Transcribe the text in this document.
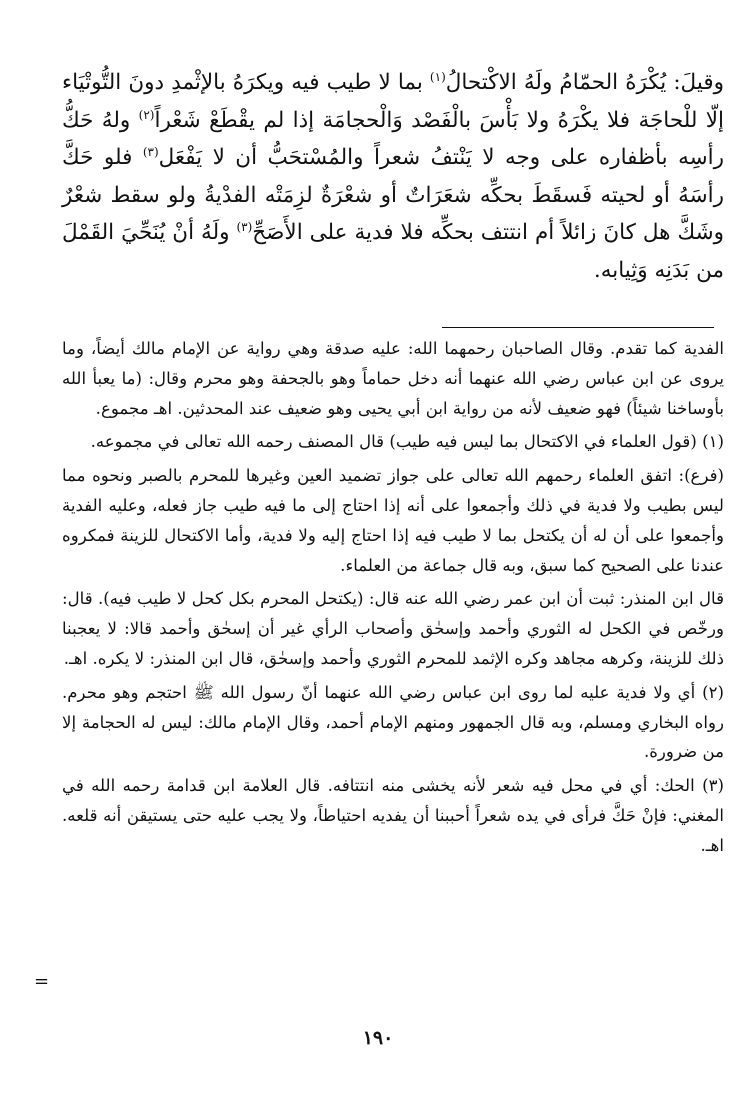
وقيلَ: يُكْرَهُ الحمّامُ ولَهُ الاكْتحالُ$^{(١)}$ بما لا طيب فيه ويكرَهُ بالإثْمدِ دونَ التُّوتْيَاء إلّا للْحاجَة فلا يكْرَهُ ولا بَأْسَ بالْفَصْد وَالْحجامَة إذا لم يقْطَعْ شَعْراً$^{(٢)}$ ولهُ حَكُّ رأسِه بأظفاره على وجه لا يَنْتفُ شعراً والمُسْتحَبُّ أن لا يَفْعَل$^{(٣)}$ فلو حَكَّ رأسَهُ أو لحيته فَسقَطَ بحكِّه شعَرَاتٌ أو شعْرَةٌ لزِمَتْه الفدْيةُ ولو سقط شعْرٌ وشَكَّ هل كانَ زائلاً أم انتتف بحكِّه فلا فدية على الأَصَحِّ$^{(٣)}$ ولَهُ أنْ يُنَحِّيَ القَمْلَ من بَدَنِه وَثِيابه.

الفدية كما تقدم. وقال الصاحبان رحمهما الله: عليه صدقة وهي رواية عن الإمام مالك أيضاً، وما يروى عن ابن عباس رضي الله عنهما أنه دخل حماماً وهو بالجحفة وهو محرم وقال: (ما يعبأ الله بأوساخنا شيئاً) فهو ضعيف لأنه من رواية ابن أبي يحيى وهو ضعيف عند المحدثين. اهـ مجموع.

(١) (قول العلماء في الاكتحال بما ليس فيه طيب) قال المصنف رحمه الله تعالى في مجموعه.

(فرع): اتفق العلماء رحمهم الله تعالى على جواز تضميد العين وغيرها للمحرم بالصبر ونحوه مما ليس بطيب ولا فدية في ذلك وأجمعوا على أنه إذا احتاج إلى ما فيه طيب جاز فعله، وعليه الفدية وأجمعوا على أن له أن يكتحل بما لا طيب فيه إذا احتاج إليه ولا فدية، وأما الاكتحال للزينة فمكروه عندنا على الصحيح كما سبق، وبه قال جماعة من العلماء.

قال ابن المنذر: ثبت أن ابن عمر رضي الله عنه قال: (يكتحل المحرم بكل كحل لا طيب فيه). قال: ورخّص في الكحل له الثوري وأحمد وإسحٰق وأصحاب الرأي غير أن إسحٰق وأحمد قالا: لا يعجبنا ذلك للزينة، وكرهه مجاهد وكره الإثمد للمحرم الثوري وأحمد وإسحٰق، قال ابن المنذر: لا يكره. اهـ.

(٢) أي ولا فدية عليه لما روى ابن عباس رضي الله عنهما أنّ رسول الله ﷺ احتجم وهو محرم. رواه البخاري ومسلم، وبه قال الجمهور ومنهم الإمام أحمد، وقال الإمام مالك: ليس له الحجامة إلا من ضرورة.

(٣) الحك: أي في محل فيه شعر لأنه يخشى منه انتتافه. قال العلامة ابن قدامة رحمه الله في المغني: فإنْ حَكَّ فرأى في يده شعراً أحببنا أن يفديه احتياطاً، ولا يجب عليه حتى يستيقن أنه قلعه. اهـ.

=
١٩٠
